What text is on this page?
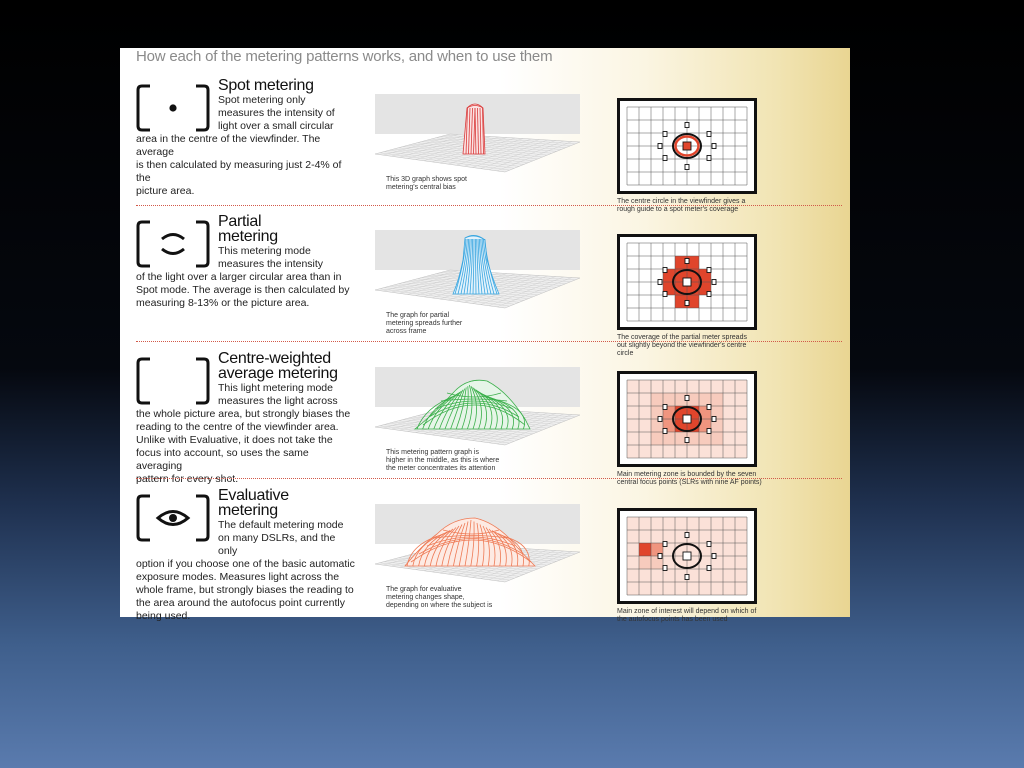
How each of the metering patterns works, and when to use them
Spot metering
Spot metering only
measures the intensity of
light over a small circular
area in the centre of the viewfinder. The average
is then calculated by measuring just 2-4% of the
picture area.
This 3D graph shows spot
metering's central bias
The centre circle in the viewfinder gives a
rough guide to a spot meter's coverage
Partial
metering
This metering mode
measures the intensity
of the light over a larger circular area than in
Spot mode. The average is then calculated by
measuring 8-13% or the picture area.
The graph for partial
metering spreads further
across frame
The coverage of the partial meter spreads
out slightly beyond the viewfinder's centre
circle
Centre-weighted
average metering
This light metering mode
measures the light across
the whole picture area, but strongly biases the
reading to the centre of the viewfinder area.
Unlike with Evaluative, it does not take the
focus into account, so uses the same averaging
pattern for every shot.
This metering pattern graph is
higher in the middle, as this is where
the meter concentrates its attention
Main metering zone is bounded by the seven
central focus points (SLRs with nine AF points)
Evaluative
metering
The default metering mode
on many DSLRs, and the only
option if you choose one of the basic automatic
exposure modes. Measures light across the
whole frame, but strongly biases the reading to
the area around the autofocus point currently
being used.
The graph for evaluative
metering changes shape,
depending on where the subject is
Main zone of interest will depend on which of
the autofocus points has been used
